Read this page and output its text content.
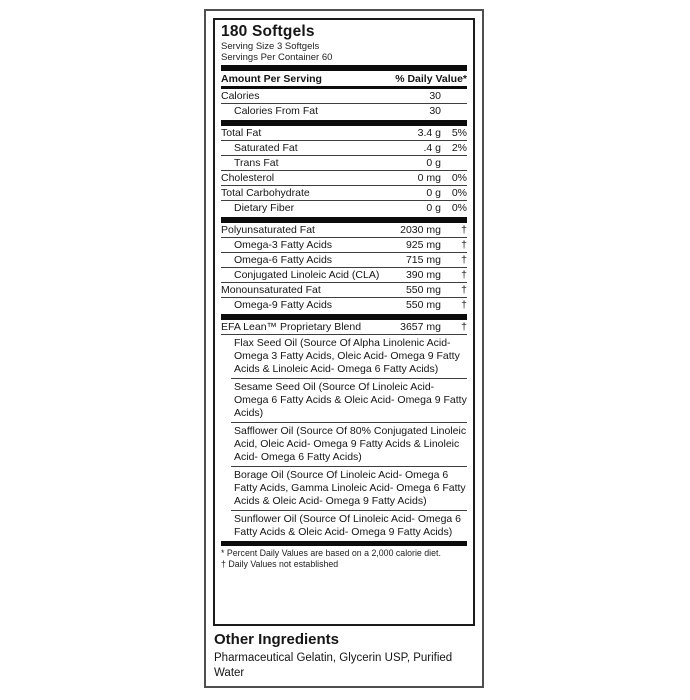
180 Softgels
Serving Size 3 Softgels
Servings Per Container 60
Amount Per Serving	% Daily Value*
Calories	30
Calories From Fat	30
Total Fat	3.4 g	5%
Saturated Fat	.4 g	2%
Trans Fat	0 g
Cholesterol	0 mg	0%
Total Carbohydrate	0 g	0%
Dietary Fiber	0 g	0%
Polyunsaturated Fat	2030 mg	†
Omega-3 Fatty Acids	925 mg	†
Omega-6 Fatty Acids	715 mg	†
Conjugated Linoleic Acid (CLA)	390 mg	†
Monounsaturated Fat	550 mg	†
Omega-9 Fatty Acids	550 mg	†
EFA Lean™ Proprietary Blend	3657 mg	†
Flax Seed Oil (Source Of Alpha Linolenic Acid- Omega 3 Fatty Acids, Oleic Acid- Omega 9 Fatty Acids & Linoleic Acid- Omega 6 Fatty Acids)
Sesame Seed Oil (Source Of Linoleic Acid- Omega 6 Fatty Acids & Oleic Acid- Omega 9 Fatty Acids)
Safflower Oil (Source Of 80% Conjugated Linoleic Acid, Oleic Acid- Omega 9 Fatty Acids & Linoleic Acid- Omega 6 Fatty Acids)
Borage Oil (Source Of Linoleic Acid- Omega 6 Fatty Acids, Gamma Linoleic Acid- Omega 6 Fatty Acids & Oleic Acid- Omega 9 Fatty Acids)
Sunflower Oil (Source Of Linoleic Acid- Omega 6 Fatty Acids & Oleic Acid- Omega 9 Fatty Acids)
* Percent Daily Values are based on a 2,000 calorie diet.
† Daily Values not established
Other Ingredients
Pharmaceutical Gelatin, Glycerin USP, Purified Water
